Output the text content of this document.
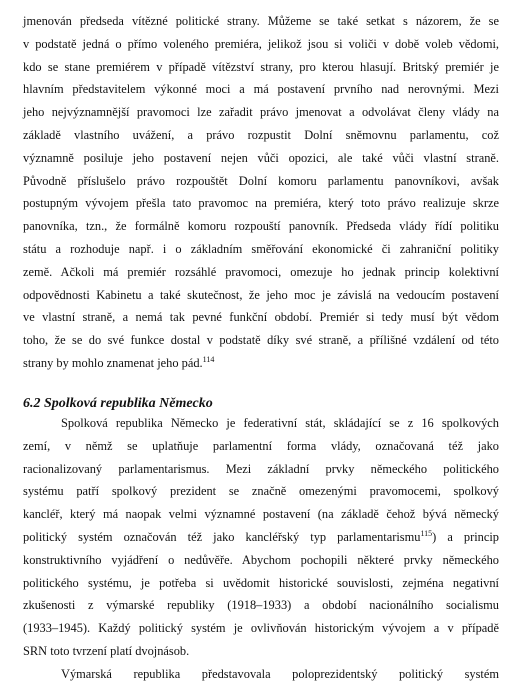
jmenován předseda vítězné politické strany. Můžeme se také setkat s názorem, že se
v podstatě jedná o přímo voleného premiéra, jelikož jsou si voliči v době voleb vědomi,
kdo se stane premiérem v případě vítězství strany, pro kterou hlasují. Britský premiér je
hlavním představitelem výkonné moci a má postavení prvního nad nerovnými. Mezi
jeho nejvýznamnější pravomoci lze zařadit právo jmenovat a odvolávat členy vlády na
základě vlastního uvážení, a právo rozpustit Dolní sněmovnu parlamentu, což
významně posiluje jeho postavení nejen vůči opozici, ale také vůči vlastní straně.
Původně příslušelo právo rozpouštět Dolní komoru parlamentu panovníkovi, avšak
postupným vývojem přešla tato pravomoc na premiéra, který toto právo realizuje skrze
panovníka, tzn., že formálně komoru rozpouští panovník. Předseda vlády řídí politiku
státu a rozhoduje např. i o základním směřování ekonomické či zahraniční politiky
země. Ačkoli má premiér rozsáhlé pravomoci, omezuje ho jednak princip kolektivní
odpovědnosti Kabinetu a také skutečnost, že jeho moc je závislá na vedoucím postavení
ve vlastní straně, a nemá tak pevné funkční období. Premiér si tedy musí být vědom
toho, že se do své funkce dostal v podstatě díky své straně, a přílišné vzdálení od této
strany by mohlo znamenat jeho pád.$^{114}$
6.2 Spolková republika Německo
Spolková republika Německo je federativní stát, skládající se z 16 spolkových
zemí, v němž se uplatňuje parlamentní forma vlády, označovaná též jako
racionalizovaný parlamentarismus. Mezi základní prvky německého politického
systému patří spolkový prezident se značně omezenými pravomocemi, spolkový
kancléř, který má naopak velmi významné postavení (na základě čehož bývá německý
politický systém označován též jako kancléřský typ parlamentarismu$^{115}$) a princip
konstruktivního vyjádření o nedůvěře. Abychom pochopili některé prvky německého
politického systému, je potřeba si uvědomit historické souvislosti, zejména negativní
zkušenosti z výmarské republiky (1918–1933) a období nacionálního socialismu
(1933–1945). Každý politický systém je ovlivňován historickým vývojem a v případě
SRN toto tvrzení platí dvojnásob.
Výmarská republika představovala poloprezidentský politický systém
